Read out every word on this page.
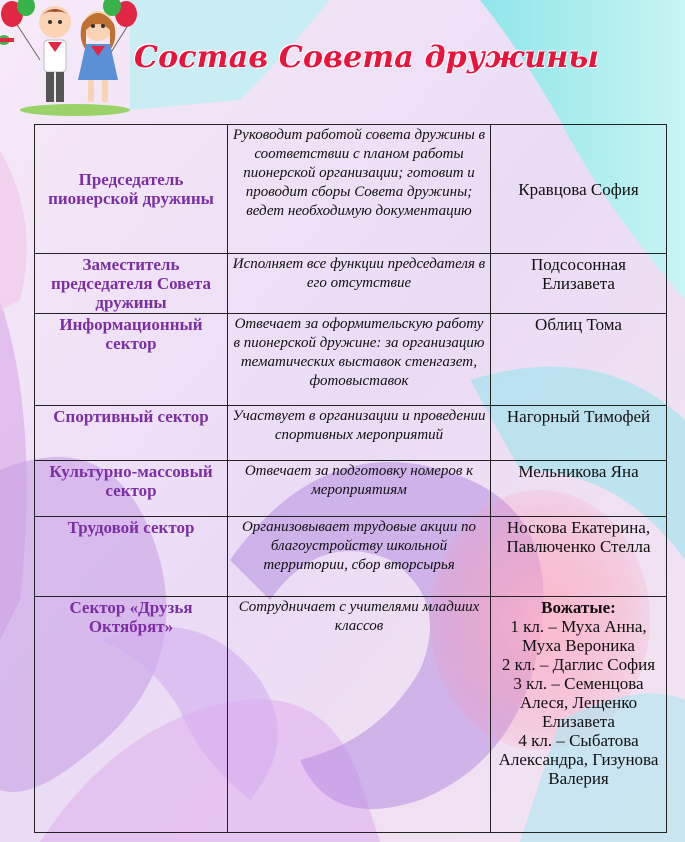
Состав Совета дружины
Председатель пионерской дружины	Руководит работой совета дружины в соответствии с планом работы пионерской организации; готовит и проводит сборы Совета дружины; ведет необходимую документацию	Кравцова София
Заместитель председателя Совета дружины	Исполняет все функции председателя в его отсутствие	Подсосонная Елизавета
Информационный сектор	Отвечает за оформительскую работу в пионерской дружине: за организацию тематических выставок стенгазет, фотовыставок	Облиц Тома
Спортивный сектор	Участвует в организации и проведении спортивных мероприятий	Нагорный Тимофей
Культурно-массовый сектор	Отвечает за подготовку номеров к мероприятиям	Мельникова Яна
Трудовой сектор	Организовывает трудовые акции по благоустройству школьной территории, сбор вторсырья	Носкова Екатерина, Павлюченко Стелла
Сектор «Друзья Октябрят»	Сотрудничает с учителями младших классов	Вожатые:
1 кл. – Муха Анна, Муха Вероника
2 кл. – Даглис София
3 кл. – Семенцова Алеся, Лещенко Елизавета
4 кл. – Сыбатова Александра, Гизунова Валерия
